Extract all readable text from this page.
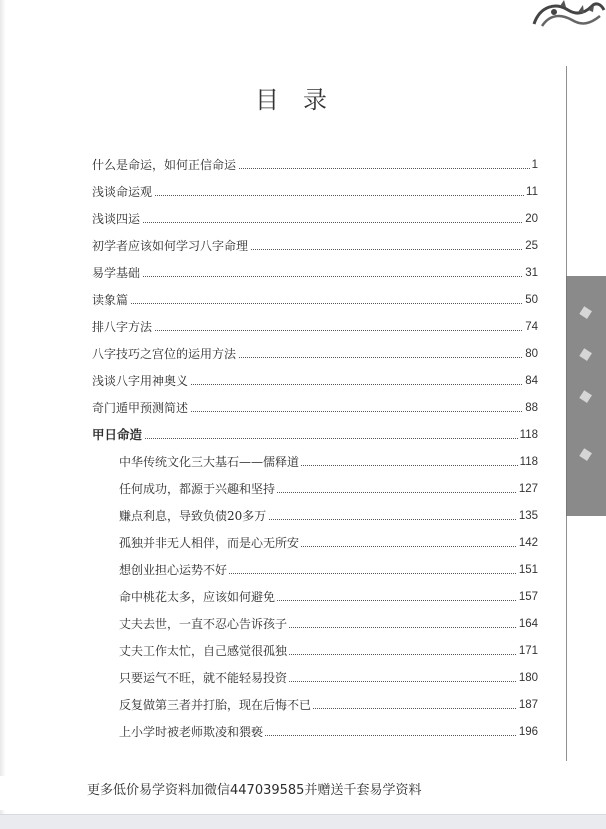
◆
◆
◆
◆
目录
什么是命运，如何正信命运	1
浅谈命运观	11
浅谈四运	20
初学者应该如何学习八字命理	25
易学基础	31
读象篇	50
排八字方法	74
八字技巧之宫位的运用方法	80
浅谈八字用神奥义	84
奇门遁甲预测简述	88
甲日命造	118
中华传统文化三大基石——儒释道	118
任何成功，都源于兴趣和坚持	127
赚点利息，导致负债20多万	135
孤独并非无人相伴，而是心无所安	142
想创业担心运势不好	151
命中桃花太多，应该如何避免	157
丈夫去世，一直不忍心告诉孩子	164
丈夫工作太忙，自己感觉很孤独	171
只要运气不旺，就不能轻易投资	180
反复做第三者并打胎，现在后悔不已	187
上小学时被老师欺凌和猥亵	196
更多低价易学资料加微信447039585并赠送千套易学资料
